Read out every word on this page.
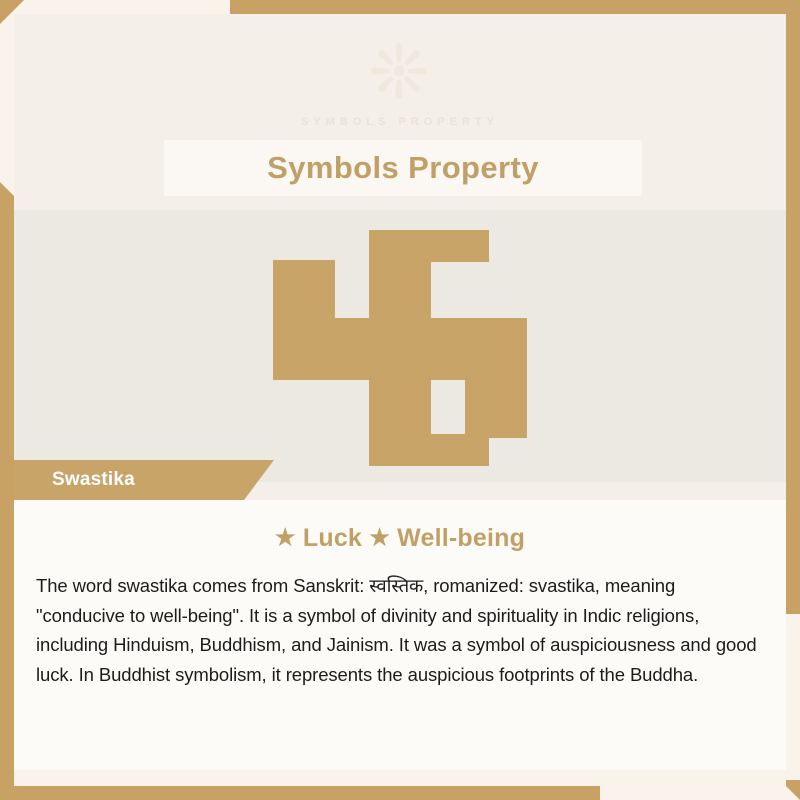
❊
SYMBOLS PROPERTY
Symbols Property
Swastika
★ Luck ★ Well-being
The word swastika comes from Sanskrit: स्वस्तिक, romanized: svastika, meaning "conducive to well-being". It is a symbol of divinity and spirituality in Indic religions, including Hinduism, Buddhism, and Jainism. It was a symbol of auspiciousness and good luck. In Buddhist symbolism, it represents the auspicious footprints of the Buddha.
